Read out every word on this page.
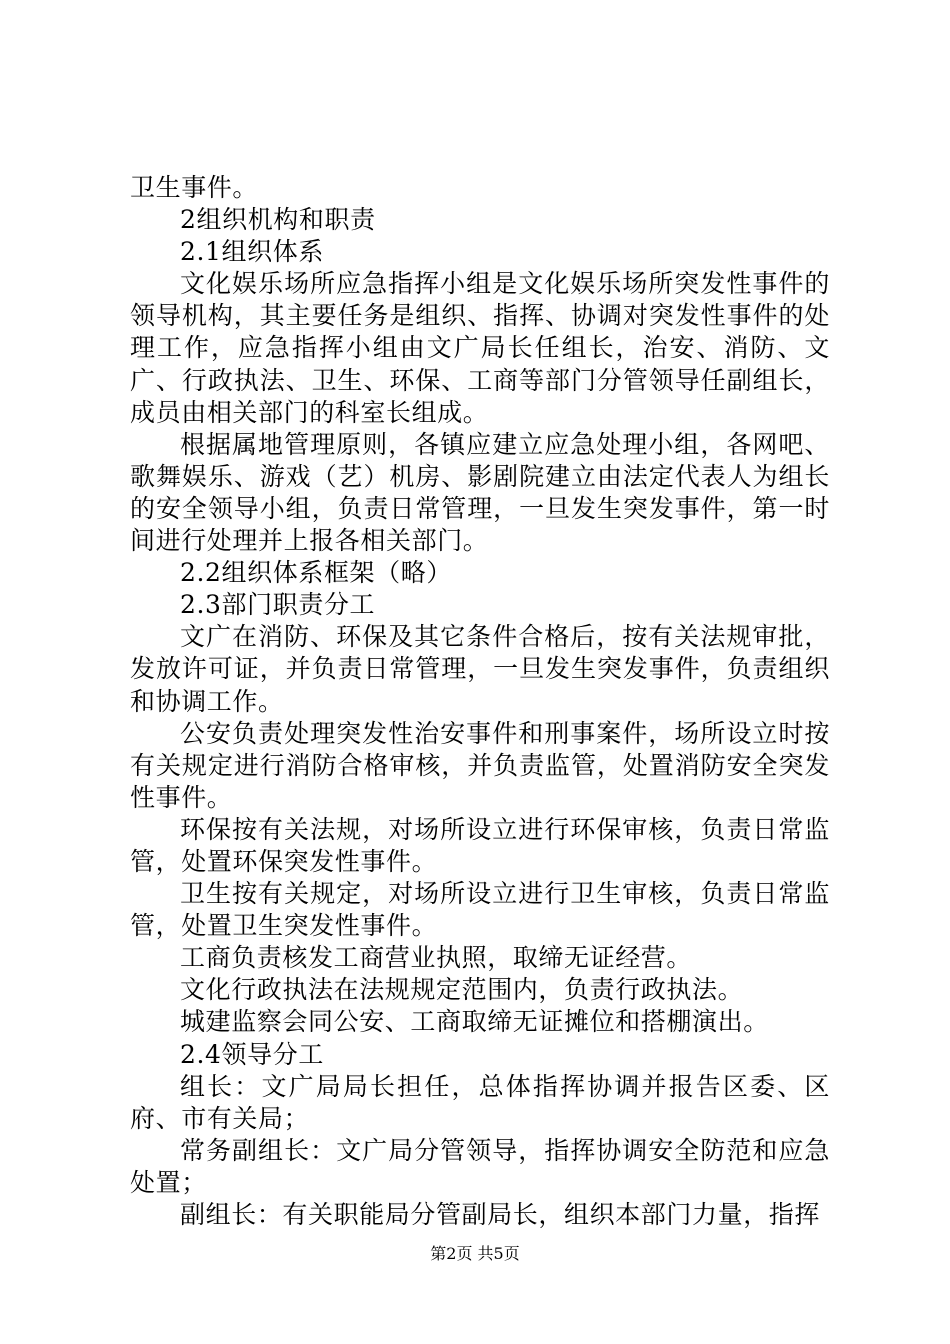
卫生事件。

2组织机构和职责

2.1组织体系

文化娱乐场所应急指挥小组是文化娱乐场所突发性事件的领导机构，其主要任务是组织、指挥、协调对突发性事件的处理工作，应急指挥小组由文广局长任组长，治安、消防、文广、行政执法、卫生、环保、工商等部门分管领导任副组长，成员由相关部门的科室长组成。

根据属地管理原则，各镇应建立应急处理小组，各网吧、歌舞娱乐、游戏（艺）机房、影剧院建立由法定代表人为组长的安全领导小组，负责日常管理，一旦发生突发事件，第一时间进行处理并上报各相关部门。

2.2组织体系框架（略）

2.3部门职责分工

文广在消防、环保及其它条件合格后，按有关法规审批，发放许可证，并负责日常管理，一旦发生突发事件，负责组织和协调工作。

公安负责处理突发性治安事件和刑事案件，场所设立时按有关规定进行消防合格审核，并负责监管，处置消防安全突发性事件。

环保按有关法规，对场所设立进行环保审核，负责日常监管，处置环保突发性事件。

卫生按有关规定，对场所设立进行卫生审核，负责日常监管，处置卫生突发性事件。

工商负责核发工商营业执照，取缔无证经营。

文化行政执法在法规规定范围内，负责行政执法。

城建监察会同公安、工商取缔无证摊位和搭棚演出。

2.4领导分工

组长：文广局局长担任，总体指挥协调并报告区委、区府、市有关局；

常务副组长：文广局分管领导，指挥协调安全防范和应急处置；

副组长：有关职能局分管副局长，组织本部门力量，指挥

第2页 共5页
